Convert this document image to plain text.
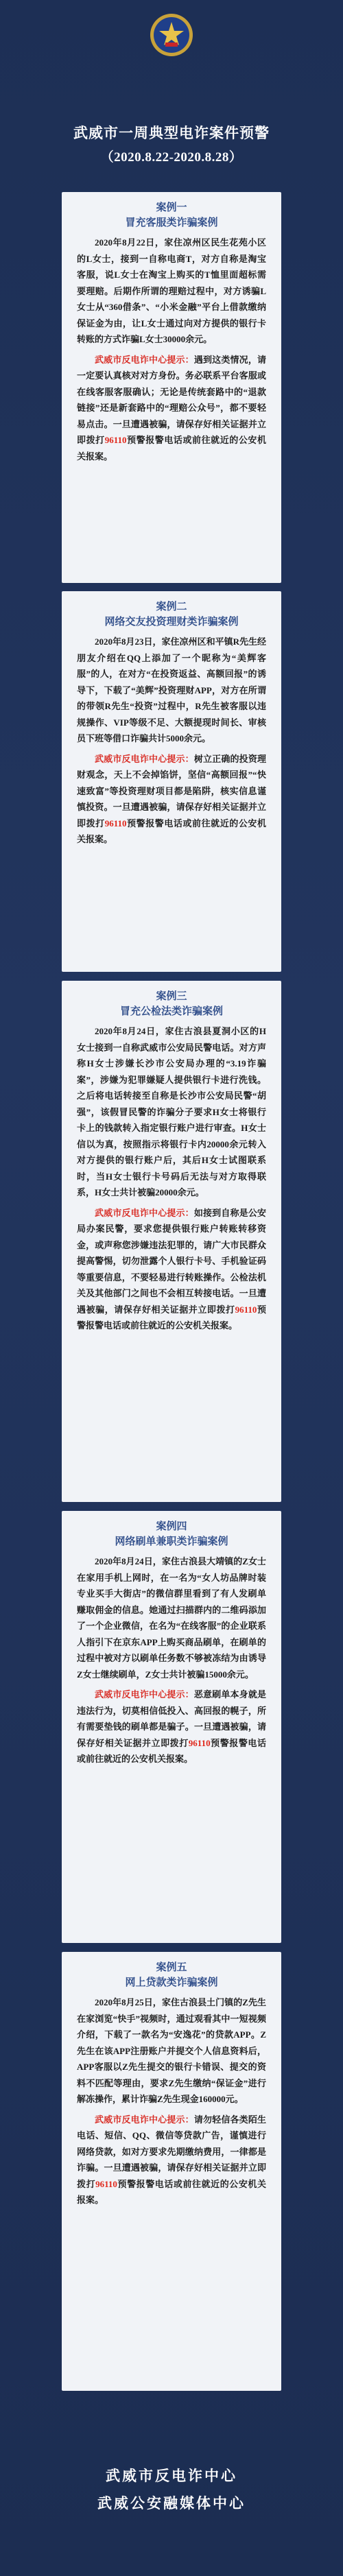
武威市一周典型电诈案件预警
（2020.8.22-2020.8.28）
案例一
冒充客服类诈骗案例

2020年8月22日，家住凉州区民生花苑小区的L女士，接到一自称电商T，对方自称是淘宝客服，说L女士在淘宝上购买的T恤里面超标需要理赔。后期作所谓的理赔过程中，对方诱骗L女士从“360借条”、“小米金融”平台上借款缴纳保证金为由，让L女士通过向对方提供的银行卡转账的方式诈骗L女士30000余元。

武威市反电诈中心提示：遇到这类情况，请一定要认真核对对方身份。务必联系平台客服或在线客服客服确认；无论是传统套路中的“退款链接”还是新套路中的“理赔公众号”，都不要轻易点击。一旦遭遇被骗，请保存好相关证据并立即拨打96110预警报警电话或前往就近的公安机关报案。

案例二
网络交友投资理财类诈骗案例

2020年8月23日，家住凉州区和平镇R先生经朋友介绍在QQ上添加了一个昵称为“美辉客服”的人，在对方“在投资返益、高额回报”的诱导下，下载了“美辉”投资理财APP，对方在所谓的带领R先生“投资”过程中，R先生被客服以违规操作、VIP等级不足、大额提现时间长、审核员下班等借口诈骗共计5000余元。

武威市反电诈中心提示：树立正确的投资理财观念，天上不会掉馅饼，坚信“高额回报”“快速致富”等投资理财项目都是陷阱，核实信息谨慎投资。一旦遭遇被骗，请保存好相关证据并立即拨打96110预警报警电话或前往就近的公安机关报案。

案例三
冒充公检法类诈骗案例

2020年8月24日，家住古浪县夏洞小区的H女士接到一自称武威市公安局民警电话。对方声称H女士涉嫌长沙市公安局办理的“3.19诈骗案”，涉嫌为犯罪嫌疑人提供银行卡进行洗钱。之后将电话转接至自称是长沙市公安局民警“胡强”，该假冒民警的诈骗分子要求H女士将银行卡上的钱款转入指定银行账户进行审查。H女士信以为真，按照指示将银行卡内20000余元转入对方提供的银行账户后，其后H女士试图联系时，当H女士银行卡号码后无法与对方取得联系，H女士共计被骗20000余元。

武威市反电诈中心提示：如接到自称是公安局办案民警，要求您提供银行账户转账转移资金，或声称您涉嫌违法犯罪的，请广大市民群众提高警惕，切勿泄露个人银行卡号、手机验证码等重要信息，不要轻易进行转账操作。公检法机关及其他部门之间也不会相互转接电话。一旦遭遇被骗，请保存好相关证据并立即拨打96110预警报警电话或前往就近的公安机关报案。

案例四
网络刷单兼职类诈骗案例

2020年8月24日，家住古浪县大靖镇的Z女士在家用手机上网时，在一名为“女人坊品牌时装专业买手大街店”的微信群里看到了有人发刷单赚取佣金的信息。她通过扫描群内的二维码添加了一个企业微信，在名为“在线客服”的企业联系人指引下在京东APP上购买商品刷单，在刷单的过程中被对方以刷单任务数不够被冻结为由诱导Z女士继续刷单，Z女士共计被骗15000余元。

武威市反电诈中心提示：恶意刷单本身就是违法行为，切莫相信低投入、高回报的幌子，所有需要垫钱的刷单都是骗子。一旦遭遇被骗，请保存好相关证据并立即拨打96110预警报警电话或前往就近的公安机关报案。

案例五
网上贷款类诈骗案例

2020年8月25日，家住古浪县土门镇的Z先生在家浏览“快手”视频时，通过观看其中一短视频介绍，下载了一款名为“安逸花”的贷款APP。Z先生在该APP注册账户并提交个人信息资料后，APP客服以Z先生提交的银行卡错误、提交的资料不匹配等理由，要求Z先生缴纳“保证金”进行解冻操作，累计诈骗Z先生现金160000元。

武威市反电诈中心提示：请勿轻信各类陌生电话、短信、QQ、微信等贷款广告，谨慎进行网络贷款，如对方要求先期缴纳费用，一律都是诈骗。一旦遭遇被骗，请保存好相关证据并立即拨打96110预警报警电话或前往就近的公安机关报案。

武威市反电诈中心
武威公安融媒体中心
